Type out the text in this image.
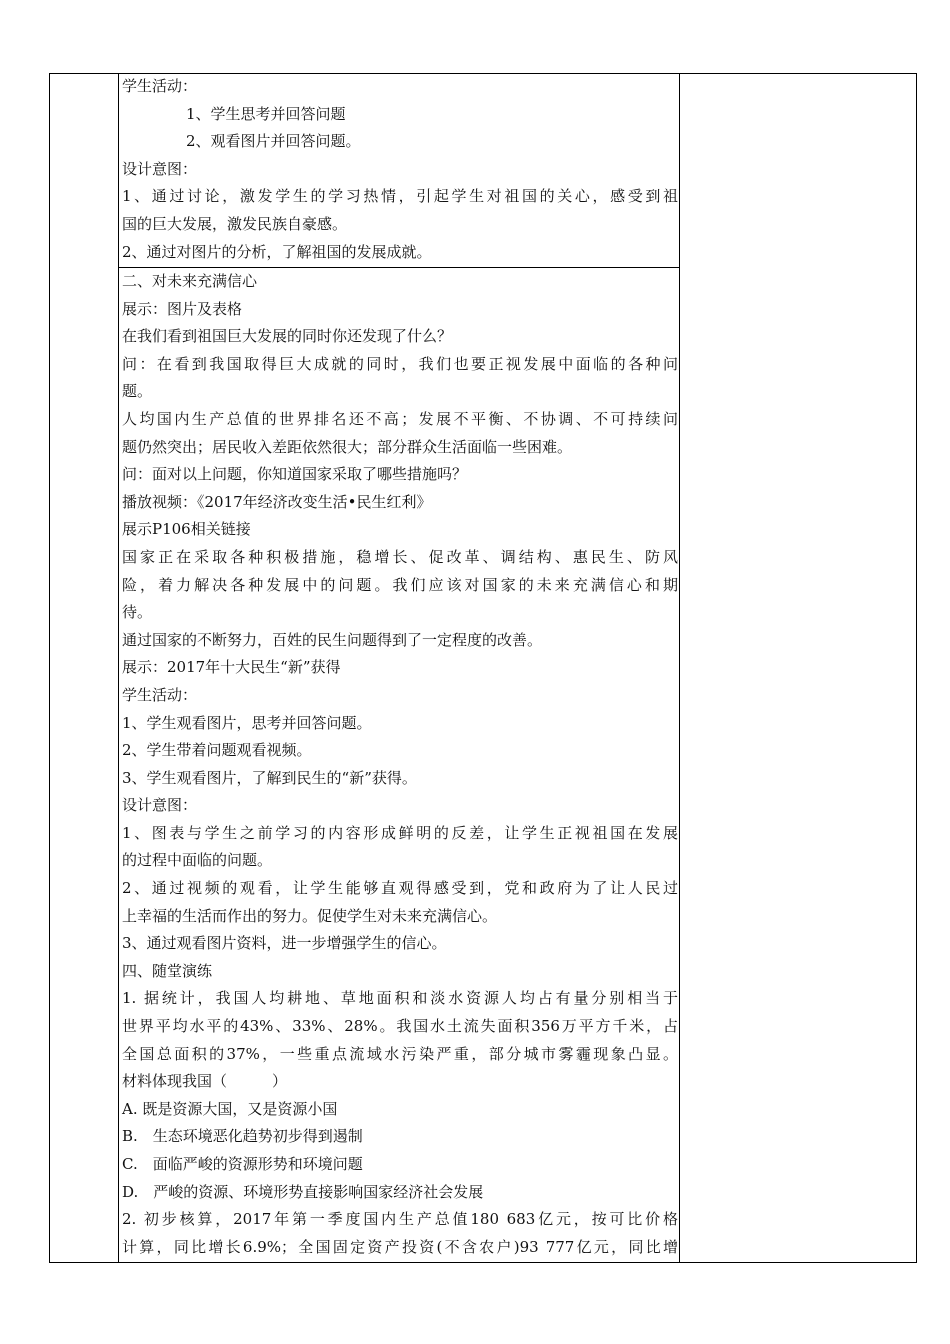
学生活动：
1、学生思考并回答问题
2、观看图片并回答问题。
设计意图：
1、通过讨论，激发学生的学习热情，引起学生对祖国的关心，感受到祖
国的巨大发展，激发民族自豪感。
2、通过对图片的分析，了解祖国的发展成就。
二、对未来充满信心
展示：图片及表格
在我们看到祖国巨大发展的同时你还发现了什么？
问：在看到我国取得巨大成就的同时，我们也要正视发展中面临的各种问
题。
人均国内生产总值的世界排名还不高；发展不平衡、不协调、不可持续问
题仍然突出；居民收入差距依然很大；部分群众生活面临一些困难。
问：面对以上问题，你知道国家采取了哪些措施吗？
播放视频：《2017年经济改变生活•民生红利》
展示P106相关链接
国家正在采取各种积极措施，稳增长、促改革、调结构、惠民生、防风
险，着力解决各种发展中的问题。我们应该对国家的未来充满信心和期
待。
通过国家的不断努力，百姓的民生问题得到了一定程度的改善。
展示：2017年十大民生“新”获得
学生活动：
1、学生观看图片，思考并回答问题。
2、学生带着问题观看视频。
3、学生观看图片，了解到民生的“新”获得。
设计意图：
1、图表与学生之前学习的内容形成鲜明的反差，让学生正视祖国在发展
的过程中面临的问题。
2、通过视频的观看，让学生能够直观得感受到，党和政府为了让人民过
上幸福的生活而作出的努力。促使学生对未来充满信心。
3、通过观看图片资料，进一步增强学生的信心。
四、随堂演练
1. 据统计，我国人均耕地、草地面积和淡水资源人均占有量分别相当于
世界平均水平的43%、33%、28%。我国水土流失面积356万平方千米，占
全国总面积的37%，一些重点流域水污染严重，部分城市雾霾现象凸显。
材料体现我国（　　　）
A. 既是资源大国，又是资源小国
B.　生态环境恶化趋势初步得到遏制
C.　面临严峻的资源形势和环境问题
D.　严峻的资源、环境形势直接影响国家经济社会发展
2. 初步核算，2017年第一季度国内生产总值180 683亿元，按可比价格
计算，同比增长6.9%；全国固定资产投资(不含农户)93 777亿元，同比增
